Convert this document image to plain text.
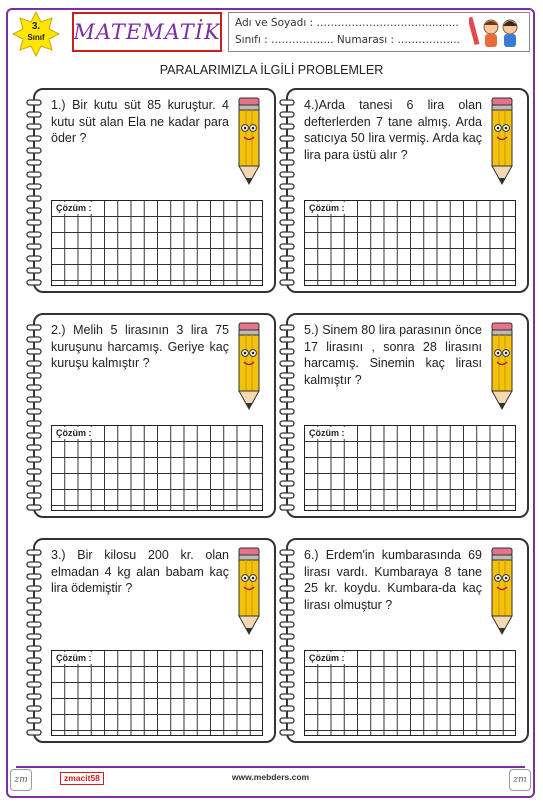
3.
Sınıf	MATEMATİK Adı ve Soyadı : ……………………………........
Sınıfı : ……………... Numarası : ……………...
PARALARIMIZLA İLGİLİ PROBLEMLER
1.) Bir kutu süt 85 kuruştur. 4 kutu süt alan Ela ne kadar para öder ?
Çözüm :
4.)Arda tanesi 6 lira olan defterlerden 7 tane almış. Arda satıcıya 50 lira vermiş. Arda kaç lira para üstü alır ?
Çözüm :
2.) Melih 5 lirasının 3 lira 75 kuruşunu harcamış. Geriye kaç kuruşu kalmıştır ?
Çözüm :
5.) Sinem 80 lira parasının önce 17 lirasını , sonra 28 lirasını harcamış. Sinemin kaç lirası kalmıştır ?
Çözüm :
3.) Bir kilosu 200 kr. olan elmadan 4 kg alan babam kaç lira ödemiştir ?
Çözüm :
6.) Erdem'in kumbarasında 69 lirası vardı. Kumbaraya 8 tane 25 kr. koydu. Kumbara-da kaç lirası olmuştur ?
Çözüm :
zm	zmacit58	www.mebders.com	zm
